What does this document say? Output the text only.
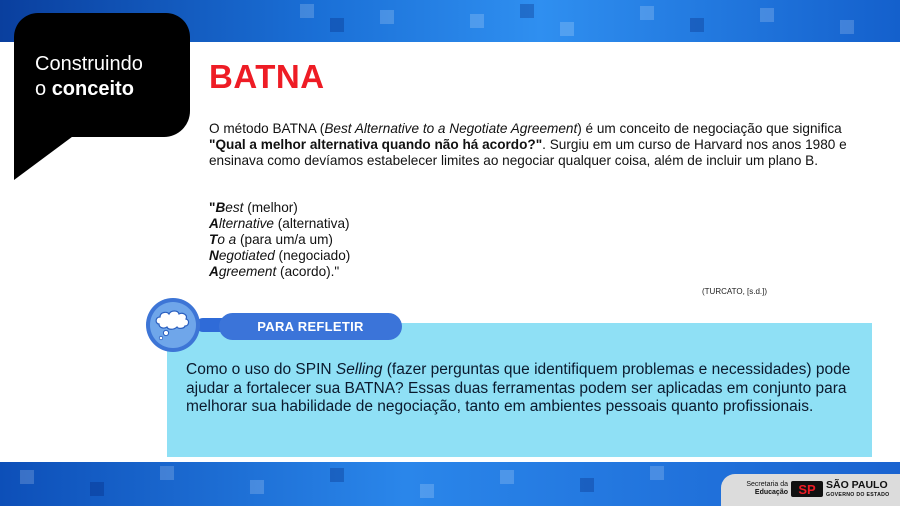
Construindo
o conceito BATNA
O método BATNA (Best Alternative to a Negotiate Agreement) é um conceito de negociação que significa "Qual a melhor alternativa quando não há acordo?". Surgiu em um curso de Harvard nos anos 1980 e ensinava como devíamos estabelecer limites ao negociar qualquer coisa, além de incluir um plano B.
"Best (melhor)
Alternative (alternativa)
To a (para um/a um)
Negotiated (negociado)
Agreement (acordo)."
(TURCATO, [s.d.])
Como o uso do SPIN Selling (fazer perguntas que identifiquem problemas e necessidades) pode ajudar a fortalecer sua BATNA? Essas duas ferramentas podem ser aplicadas em conjunto para melhorar sua habilidade de negociação, tanto em ambientes pessoais quanto profissionais.
PARA REFLETIR
Secretaria da
Educação SP SÃO PAULO
GOVERNO DO ESTADO
